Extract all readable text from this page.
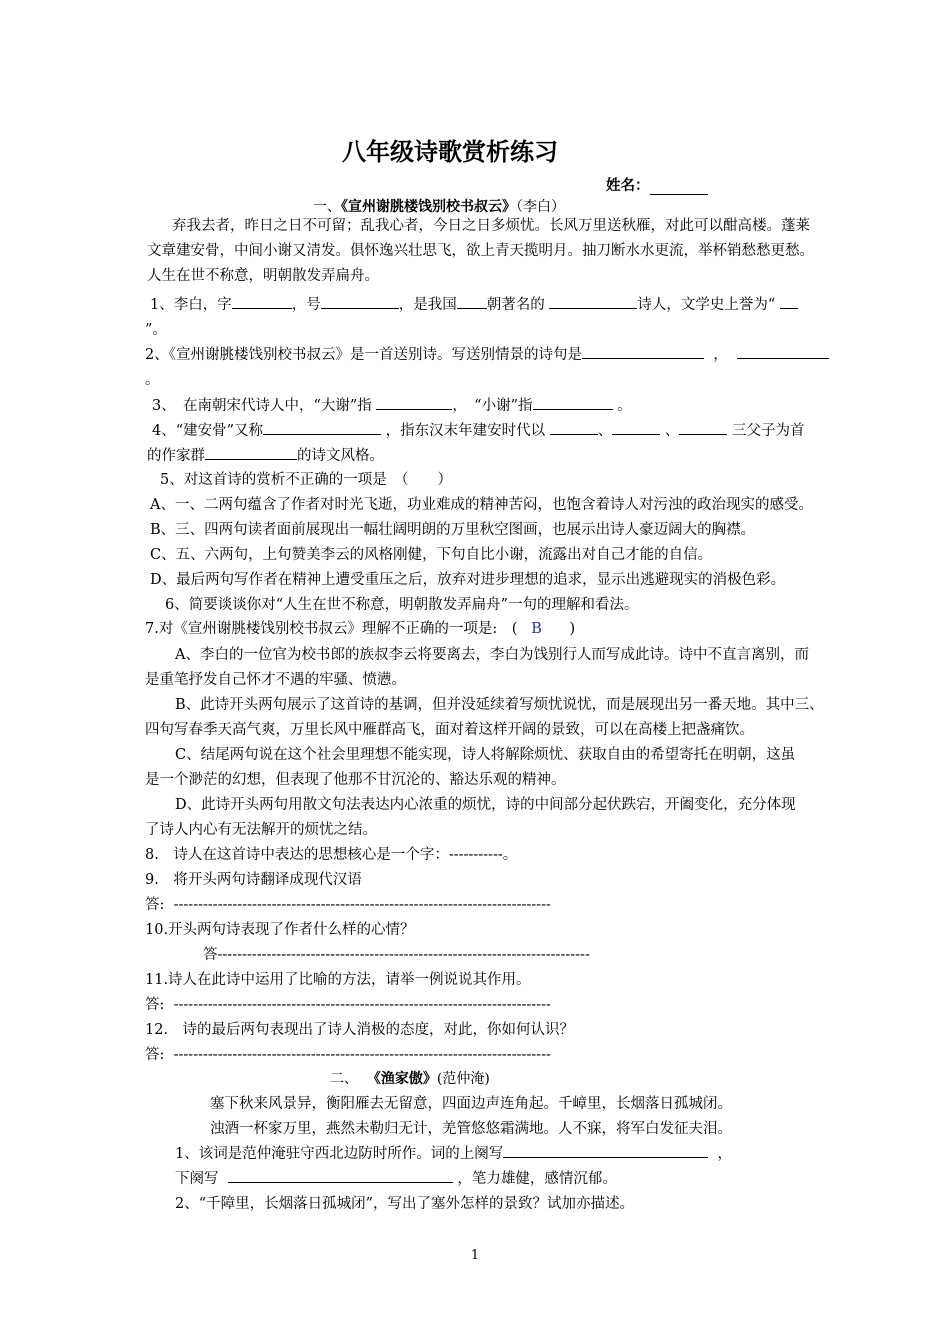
八年级诗歌赏析练习
姓名：
一、《宣州谢朓楼饯别校书叔云》（李白）
弃我去者，昨日之日不可留；乱我心者，今日之日多烦忧。长风万里送秋雁，对此可以酣高楼。蓬莱
文章建安骨，中间小谢又清发。俱怀逸兴壮思飞，欲上青天揽明月。抽刀断水水更流，举杯销愁愁更愁。
人生在世不称意，明朝散发弄扁舟。
1、李白，字	，号	，是我国 朝著名的	诗人，文学史上誉为“
”。
2、《宣州谢朓楼饯别校书叔云》是一首送别诗。写送别情景的诗句是	，
。
3、　在南朝宋代诗人中，“大谢”指	，　“小谢”指	。
4、“建安骨”又称	，指东汉末年建安时代以	、	、	三父子为首
的作家群	的诗文风格。
5、对这首诗的赏析不正确的一项是　（　　）
A、一、二两句蕴含了作者对时光飞逝，功业难成的精神苦闷，也饱含着诗人对污浊的政治现实的感受。
B、三、四两句读者面前展现出一幅壮阔明朗的万里秋空图画，也展示出诗人豪迈阔大的胸襟。
C、五、六两句，上句赞美李云的风格刚健，下句自比小谢，流露出对自己才能的自信。
D、最后两句写作者在精神上遭受重压之后，放弃对进步理想的追求，显示出逃避现实的消极色彩。
6、简要谈谈你对“人生在世不称意，明朝散发弄扁舟”一句的理解和看法。
7.对《宣州谢朓楼饯别校书叔云》理解不正确的一项是:　( B )
A、李白的一位官为校书郎的族叔李云将要离去，李白为饯别行人而写成此诗。诗中不直言离别，而
是重笔抒发自己怀才不遇的牢骚、愤懑。
B、此诗开头两句展示了这首诗的基调，但并没延续着写烦忧说忧，而是展现出另一番天地。其中三、
四句写春季天高气爽，万里长风中雁群高飞，面对着这样开阔的景致，可以在高楼上把盏痛饮。
C、结尾两句说在这个社会里理想不能实现，诗人将解除烦忧、获取自由的希望寄托在明朝，这虽
是一个渺茫的幻想，但表现了他那不甘沉沦的、豁达乐观的精神。
D、此诗开头两句用散文句法表达内心浓重的烦忧，诗的中间部分起伏跌宕，开阖变化，充分体现
了诗人内心有无法解开的烦忧之结。
8.　诗人在这首诗中表达的思想核心是一个字：-----------。
9.　将开头两句诗翻译成现代汉语
答: -----------------------------------------------------------------------------
10.开头两句诗表现了作者什么样的心情？
答----------------------------------------------------------------------------
11.诗人在此诗中运用了比喻的方法，请举一例说说其作用。
答: -----------------------------------------------------------------------------
12.　诗的最后两句表现出了诗人消极的态度，对此，你如何认识？
答: -----------------------------------------------------------------------------
二、 《渔家傲》(范仲淹)
塞下秋来风景异，衡阳雁去无留意，四面边声连角起。千嶂里，长烟落日孤城闭。
浊酒一杯家万里，燕然未勒归无计，羌管悠悠霜满地。人不寐，将军白发征夫泪。
1、该词是范仲淹驻守西北边防时所作。词的上阕写	，
下阕写	，笔力雄健，感情沉郁。
2、“千障里，长烟落日孤城闭”，写出了塞外怎样的景致？试加亦描述。
1
